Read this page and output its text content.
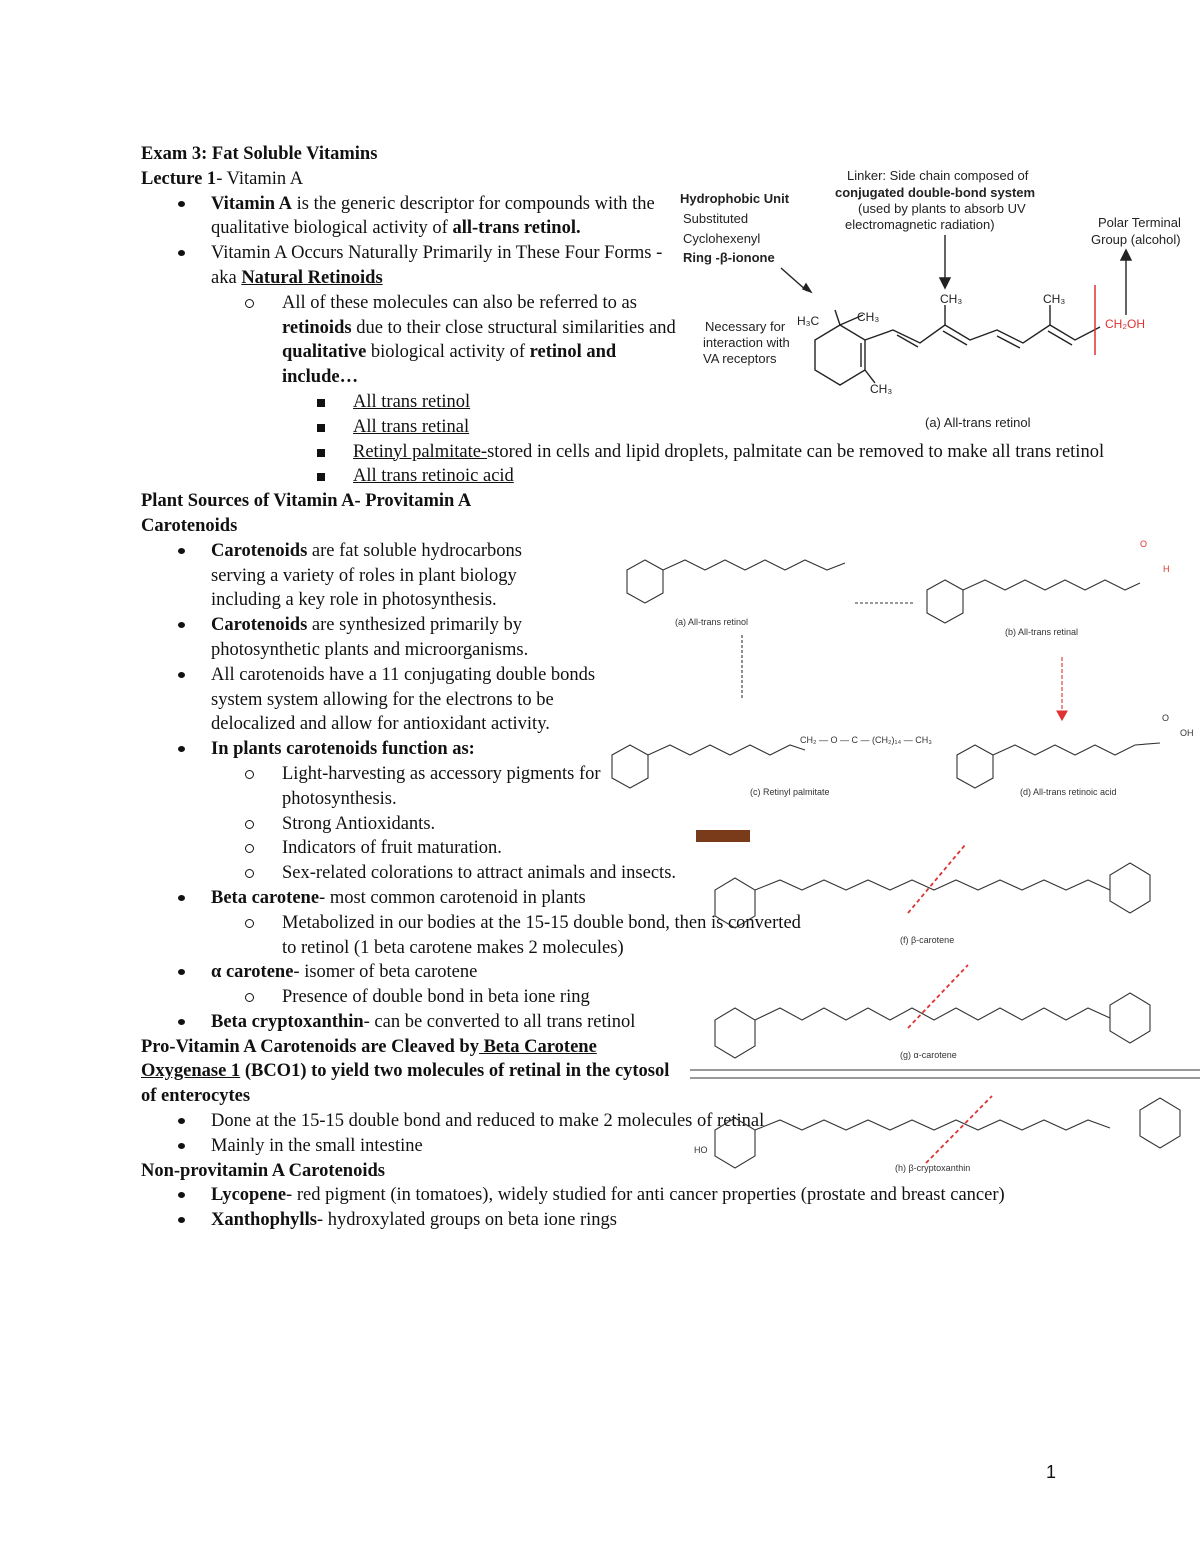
Exam 3: Fat Soluble Vitamins

Lecture 1- Vitamin A

Vitamin A is the generic descriptor for compounds with the qualitative biological activity of all-trans retinol.

Vitamin A Occurs Naturally Primarily in These Four Forms - aka Natural Retinoids

All of these molecules can also be referred to as retinoids due to their close structural similarities and qualitative biological activity of retinol and include…

All trans retinol

All trans retinal

Retinyl palmitate-stored in cells and lipid droplets, palmitate can be removed to make all trans retinol

All trans retinoic acid

Plant Sources of Vitamin A- Provitamin A Carotenoids

Carotenoids are fat soluble hydrocarbons serving a variety of roles in plant biology including a key role in photosynthesis.

Carotenoids are synthesized primarily by photosynthetic plants and microorganisms.

All carotenoids have a 11 conjugating double bonds system system allowing for the electrons to be delocalized and allow for antioxidant activity.

In plants carotenoids function as:

Light-harvesting as accessory pigments for photosynthesis.

Strong Antioxidants.

Indicators of fruit maturation.

Sex-related colorations to attract animals and insects.

Beta carotene- most common carotenoid in plants

Metabolized in our bodies at the 15-15 double bond, then is converted to retinol (1 beta carotene makes 2 molecules)

α carotene- isomer of beta carotene

Presence of double bond in beta ione ring

Beta cryptoxanthin- can be converted to all trans retinol

Pro-Vitamin A Carotenoids are Cleaved by Beta Carotene Oxygenase 1 (BCO1) to yield two molecules of retinal in the cytosol of enterocytes

Done at the 15-15 double bond and reduced to make 2 molecules of retinal

Mainly in the small intestine

Non-provitamin A Carotenoids

Lycopene- red pigment (in tomatoes), widely studied for anti cancer properties (prostate and breast cancer)

Xanthophylls- hydroxylated groups on beta ione rings

Hydrophobic Unit
Substituted
Cyclohexenyl
Ring -β-ionone
Linker: Side chain composed of
conjugated double-bond system
(used by plants to absorb UV
electromagnetic radiation)	Polar Terminal
Group (alcohol)
Necessary for
interaction with
VA receptors
(a) All-trans retinol
H₃C	CH₃
CH₃	CH₃
CH₃
CH₂OH
(a) All-trans retinol
(b) All-trans retinal
(c) Retinyl palmitate	(d) All-trans retinoic acid
CH₂ — O — C — (CH₂)₁₄ — CH₃
O
H
O
OH
(f) β-carotene
(g) α-carotene
(h) β-cryptoxanthin
HO
1
